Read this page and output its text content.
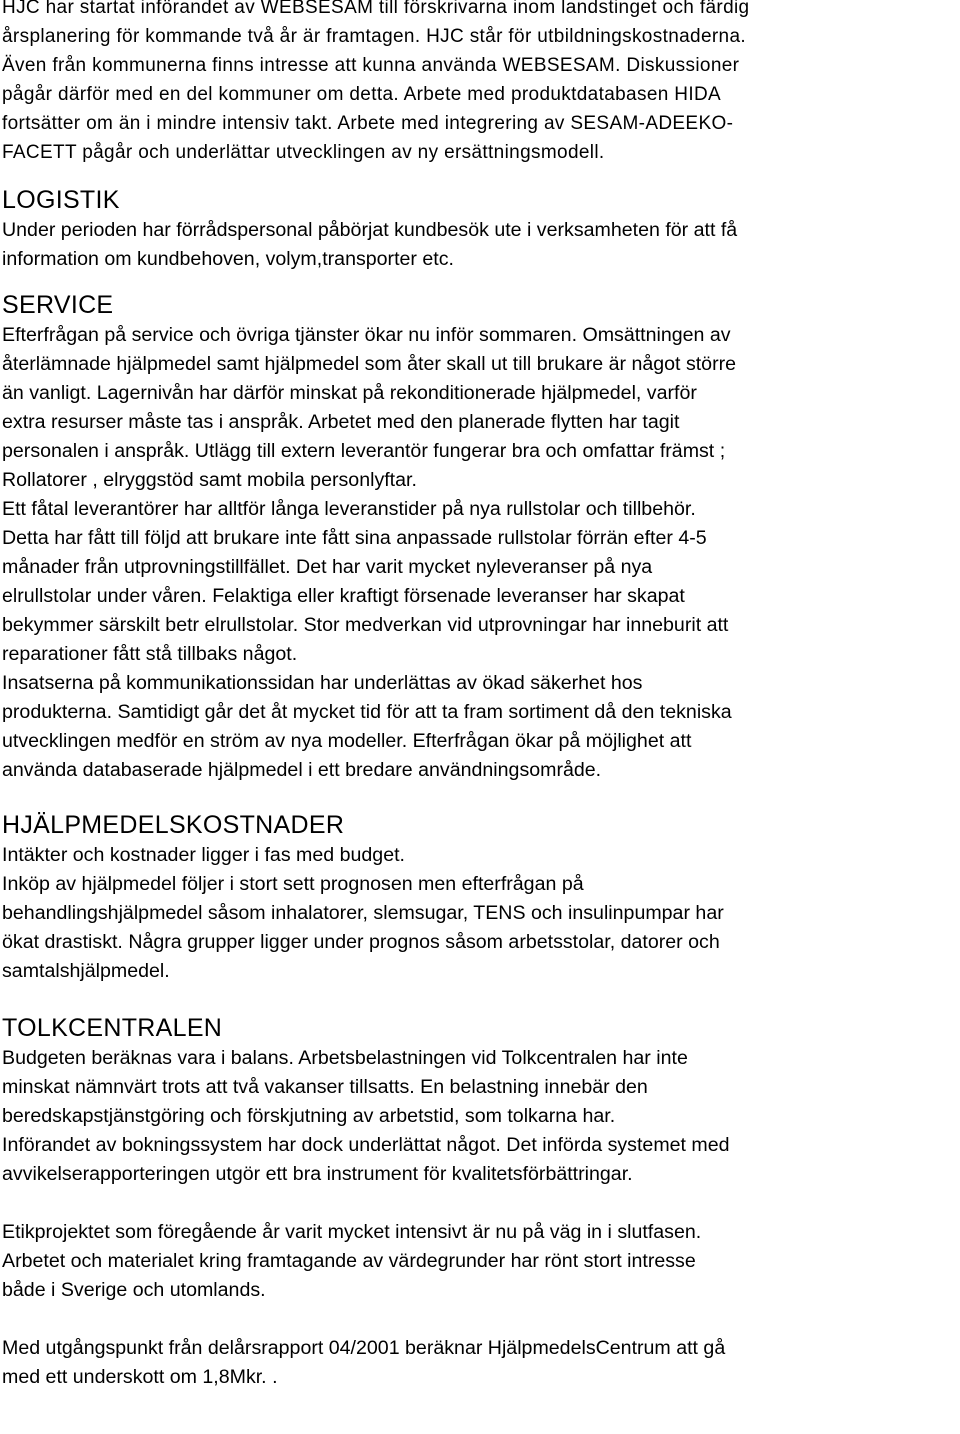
HJC har startat införandet av WEBSESAM till förskrivarna inom landstinget och färdig
årsplanering för kommande två år är framtagen. HJC står för utbildningskostnaderna.
Även från kommunerna finns intresse att kunna använda WEBSESAM. Diskussioner
pågår därför med en del kommuner om detta. Arbete med produktdatabasen HIDA
fortsätter om än i mindre intensiv takt. Arbete med integrering av SESAM-ADEEKO-
FACETT pågår och underlättar utvecklingen av ny ersättningsmodell.
LOGISTIK
Under perioden har förrådspersonal påbörjat kundbesök ute i verksamheten för att få
information om kundbehoven, volym,transporter etc.
SERVICE
Efterfrågan på service och övriga tjänster ökar nu inför sommaren. Omsättningen av
återlämnade hjälpmedel samt hjälpmedel som åter skall ut till brukare är något större
än vanligt. Lagernivån har därför minskat på rekonditionerade hjälpmedel, varför
extra resurser måste tas i anspråk. Arbetet med den planerade flytten har tagit
personalen i anspråk. Utlägg till extern leverantör fungerar bra och omfattar främst ;
Rollatorer , elryggstöd samt mobila personlyftar.
Ett fåtal leverantörer har alltför långa leveranstider på nya rullstolar och tillbehör.
Detta har fått till följd att brukare inte fått sina anpassade rullstolar förrän efter 4-5
månader från utprovningstillfället. Det har varit mycket nyleveranser på nya
elrullstolar under våren. Felaktiga eller kraftigt försenade leveranser har skapat
bekymmer särskilt betr elrullstolar. Stor medverkan vid utprovningar har inneburit att
reparationer fått stå tillbaks något.
Insatserna på kommunikationssidan har underlättas av ökad säkerhet hos
produkterna. Samtidigt går det åt mycket tid för att ta fram sortiment då den tekniska
utvecklingen medför en ström av nya modeller. Efterfrågan ökar på möjlighet att
använda databaserade hjälpmedel i ett bredare användningsområde.
HJÄLPMEDELSKOSTNADER
Intäkter och kostnader ligger i fas med budget.
Inköp av hjälpmedel följer i stort sett prognosen men efterfrågan på
behandlingshjälpmedel såsom inhalatorer, slemsugar, TENS och insulinpumpar har
ökat drastiskt. Några grupper ligger under prognos såsom arbetsstolar, datorer och
samtalshjälpmedel.
TOLKCENTRALEN
Budgeten beräknas vara i balans. Arbetsbelastningen vid Tolkcentralen har inte
minskat nämnvärt trots att två vakanser tillsatts. En belastning innebär den
beredskapstjänstgöring och förskjutning av arbetstid, som tolkarna har.
Införandet av bokningssystem har dock underlättat något. Det införda systemet med
avvikelserapporteringen utgör ett bra instrument för kvalitetsförbättringar.
Etikprojektet som föregående år varit mycket intensivt är nu på väg in i slutfasen.
Arbetet och materialet kring framtagande av värdegrunder har rönt stort intresse
både i Sverige och utomlands.
Med utgångspunkt från delårsrapport 04/2001 beräknar HjälpmedelsCentrum att gå
med ett underskott om 1,8Mkr. .
